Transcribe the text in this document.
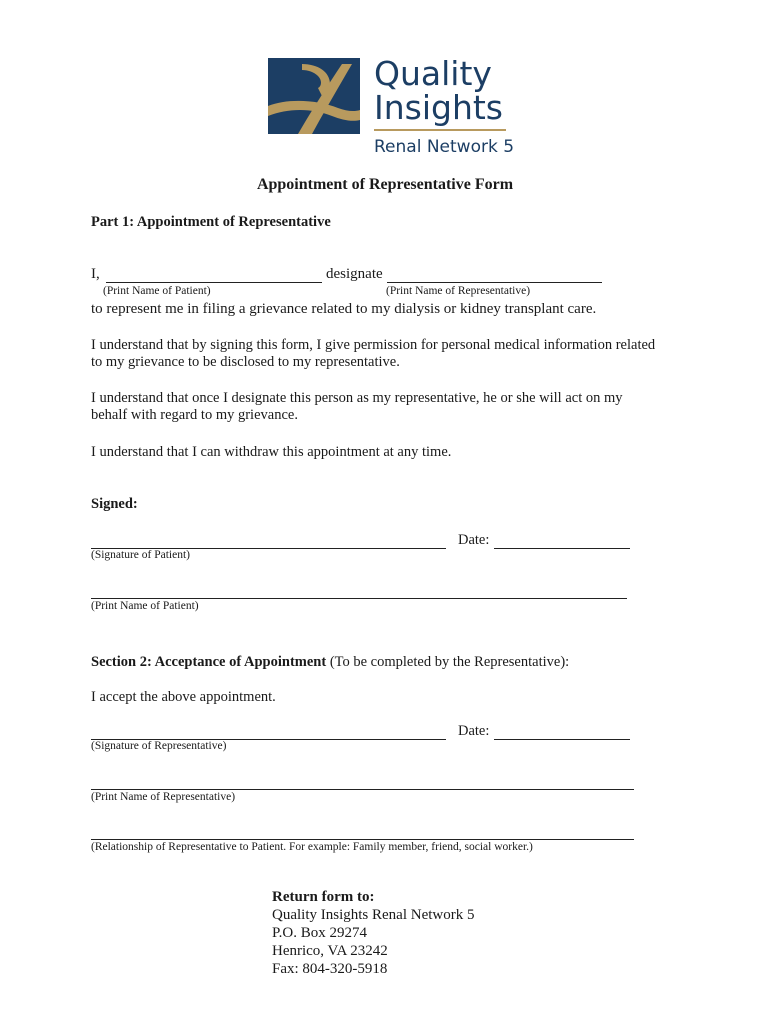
Quality
Insights
Renal Network 5
Appointment of Representative Form
Part 1: Appointment of Representative
I,	designate
(Print Name of Patient)	(Print Name of Representative)
to represent me in filing a grievance related to my dialysis or kidney transplant care.
I understand that by signing this form, I give permission for personal medical information related
to my grievance to be disclosed to my representative.
I understand that once I designate this person as my representative, he or she will act on my
behalf with regard to my grievance.
I understand that I can withdraw this appointment at any time.
Signed:
Date:
(Signature of Patient)
(Print Name of Patient)
Section 2: Acceptance of Appointment (To be completed by the Representative):
I accept the above appointment.
Date:
(Signature of Representative)
(Print Name of Representative)
(Relationship of Representative to Patient. For example: Family member, friend, social worker.)
Return form to:
Quality Insights Renal Network 5
P.O. Box 29274
Henrico, VA 23242
Fax: 804-320-5918
